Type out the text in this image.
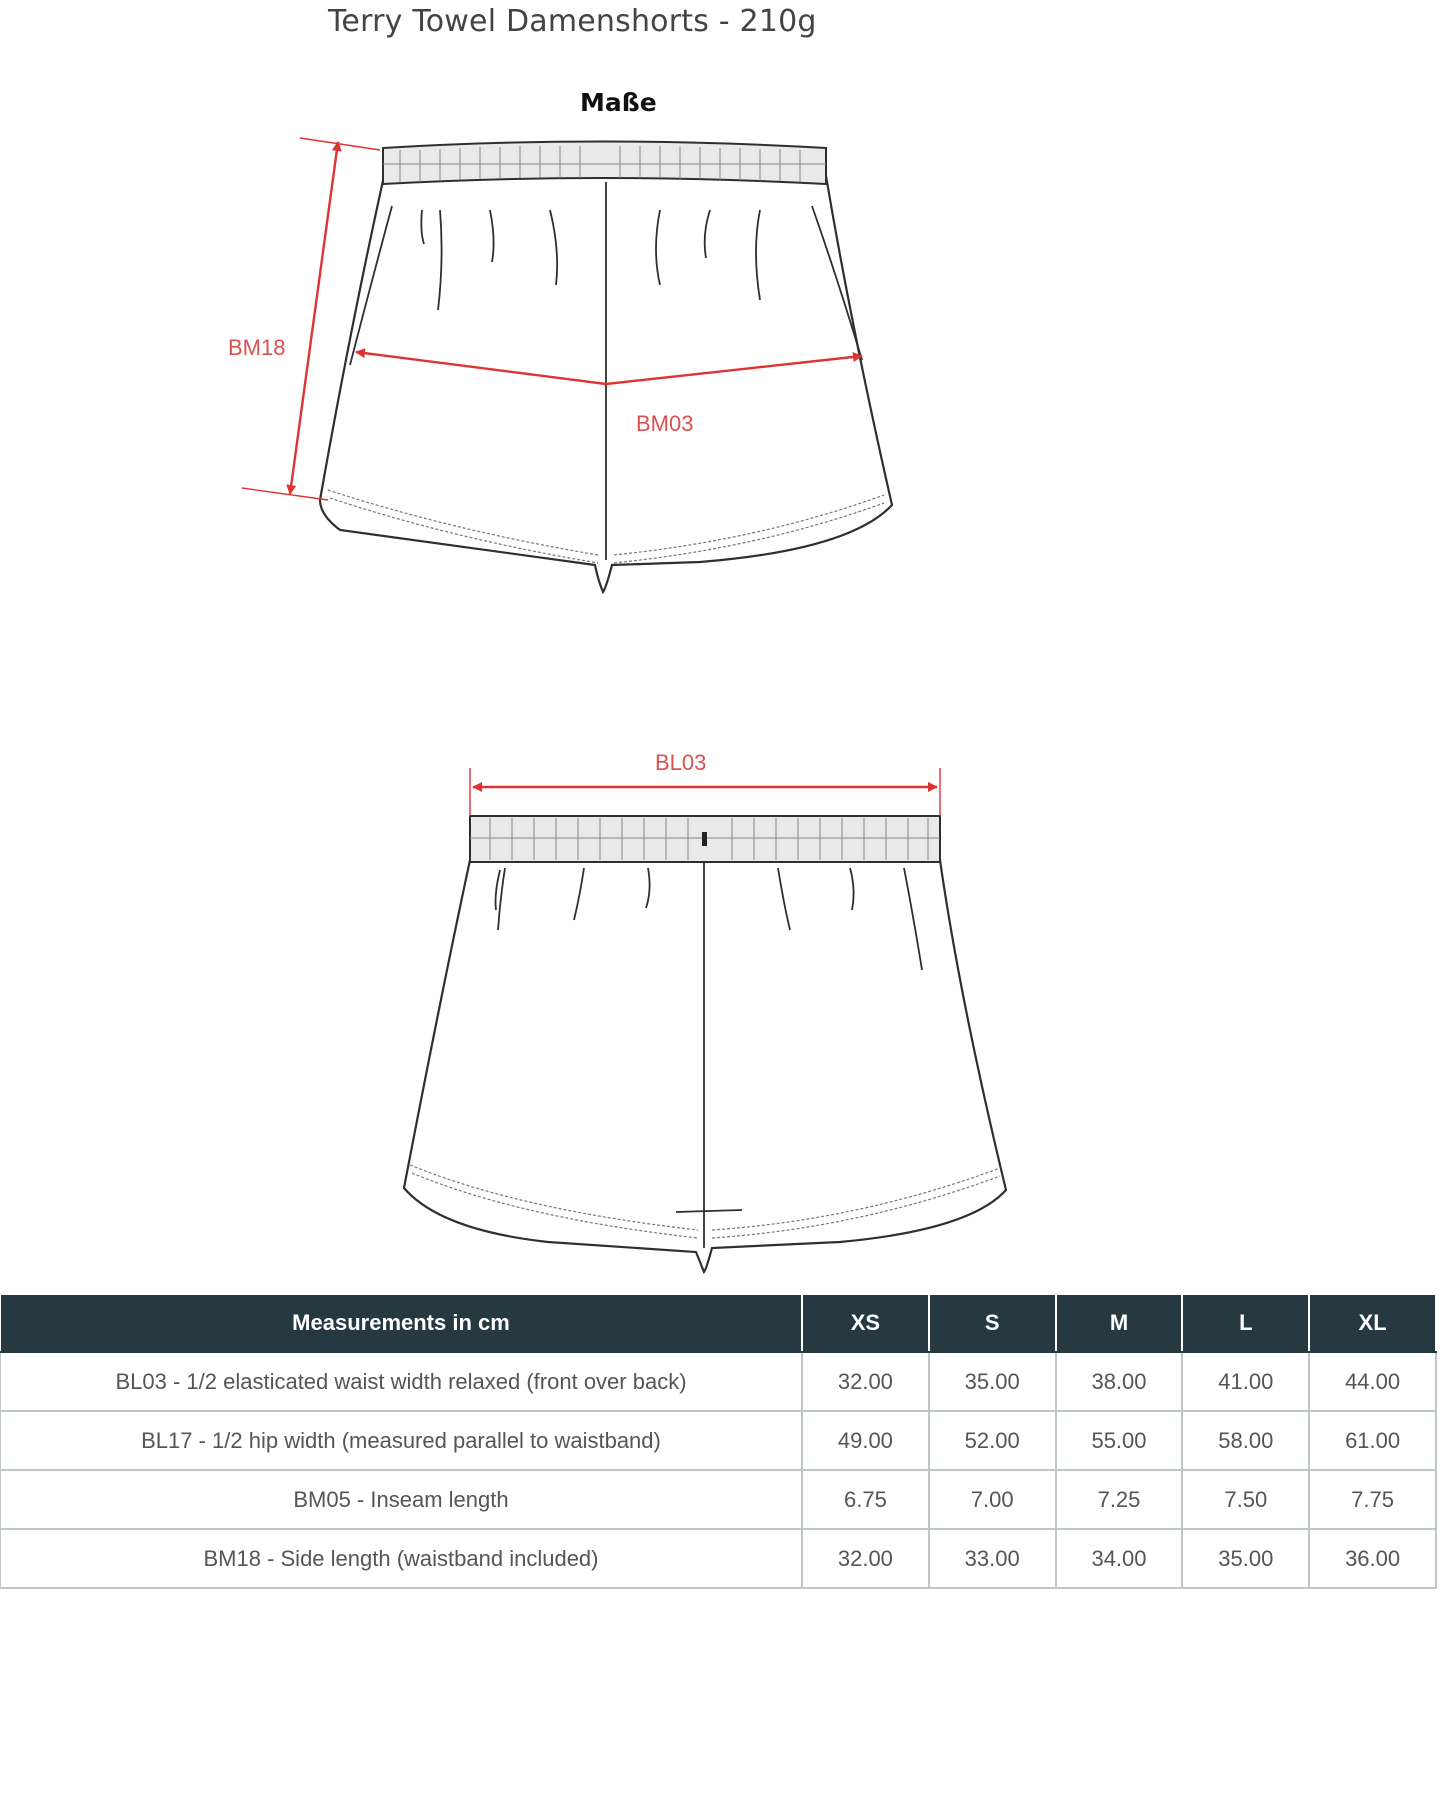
Terry Towel Damenshorts - 210g
Maße
BM18
BM03
BL03
Measurements in cm	XS	S	M	L	XL
BL03 - 1/2 elasticated waist width relaxed (front over back)	32.00	35.00	38.00	41.00	44.00
BL17 - 1/2 hip width (measured parallel to waistband)	49.00	52.00	55.00	58.00	61.00
BM05 - Inseam length	6.75	7.00	7.25	7.50	7.75
BM18 - Side length (waistband included)	32.00	33.00	34.00	35.00	36.00
